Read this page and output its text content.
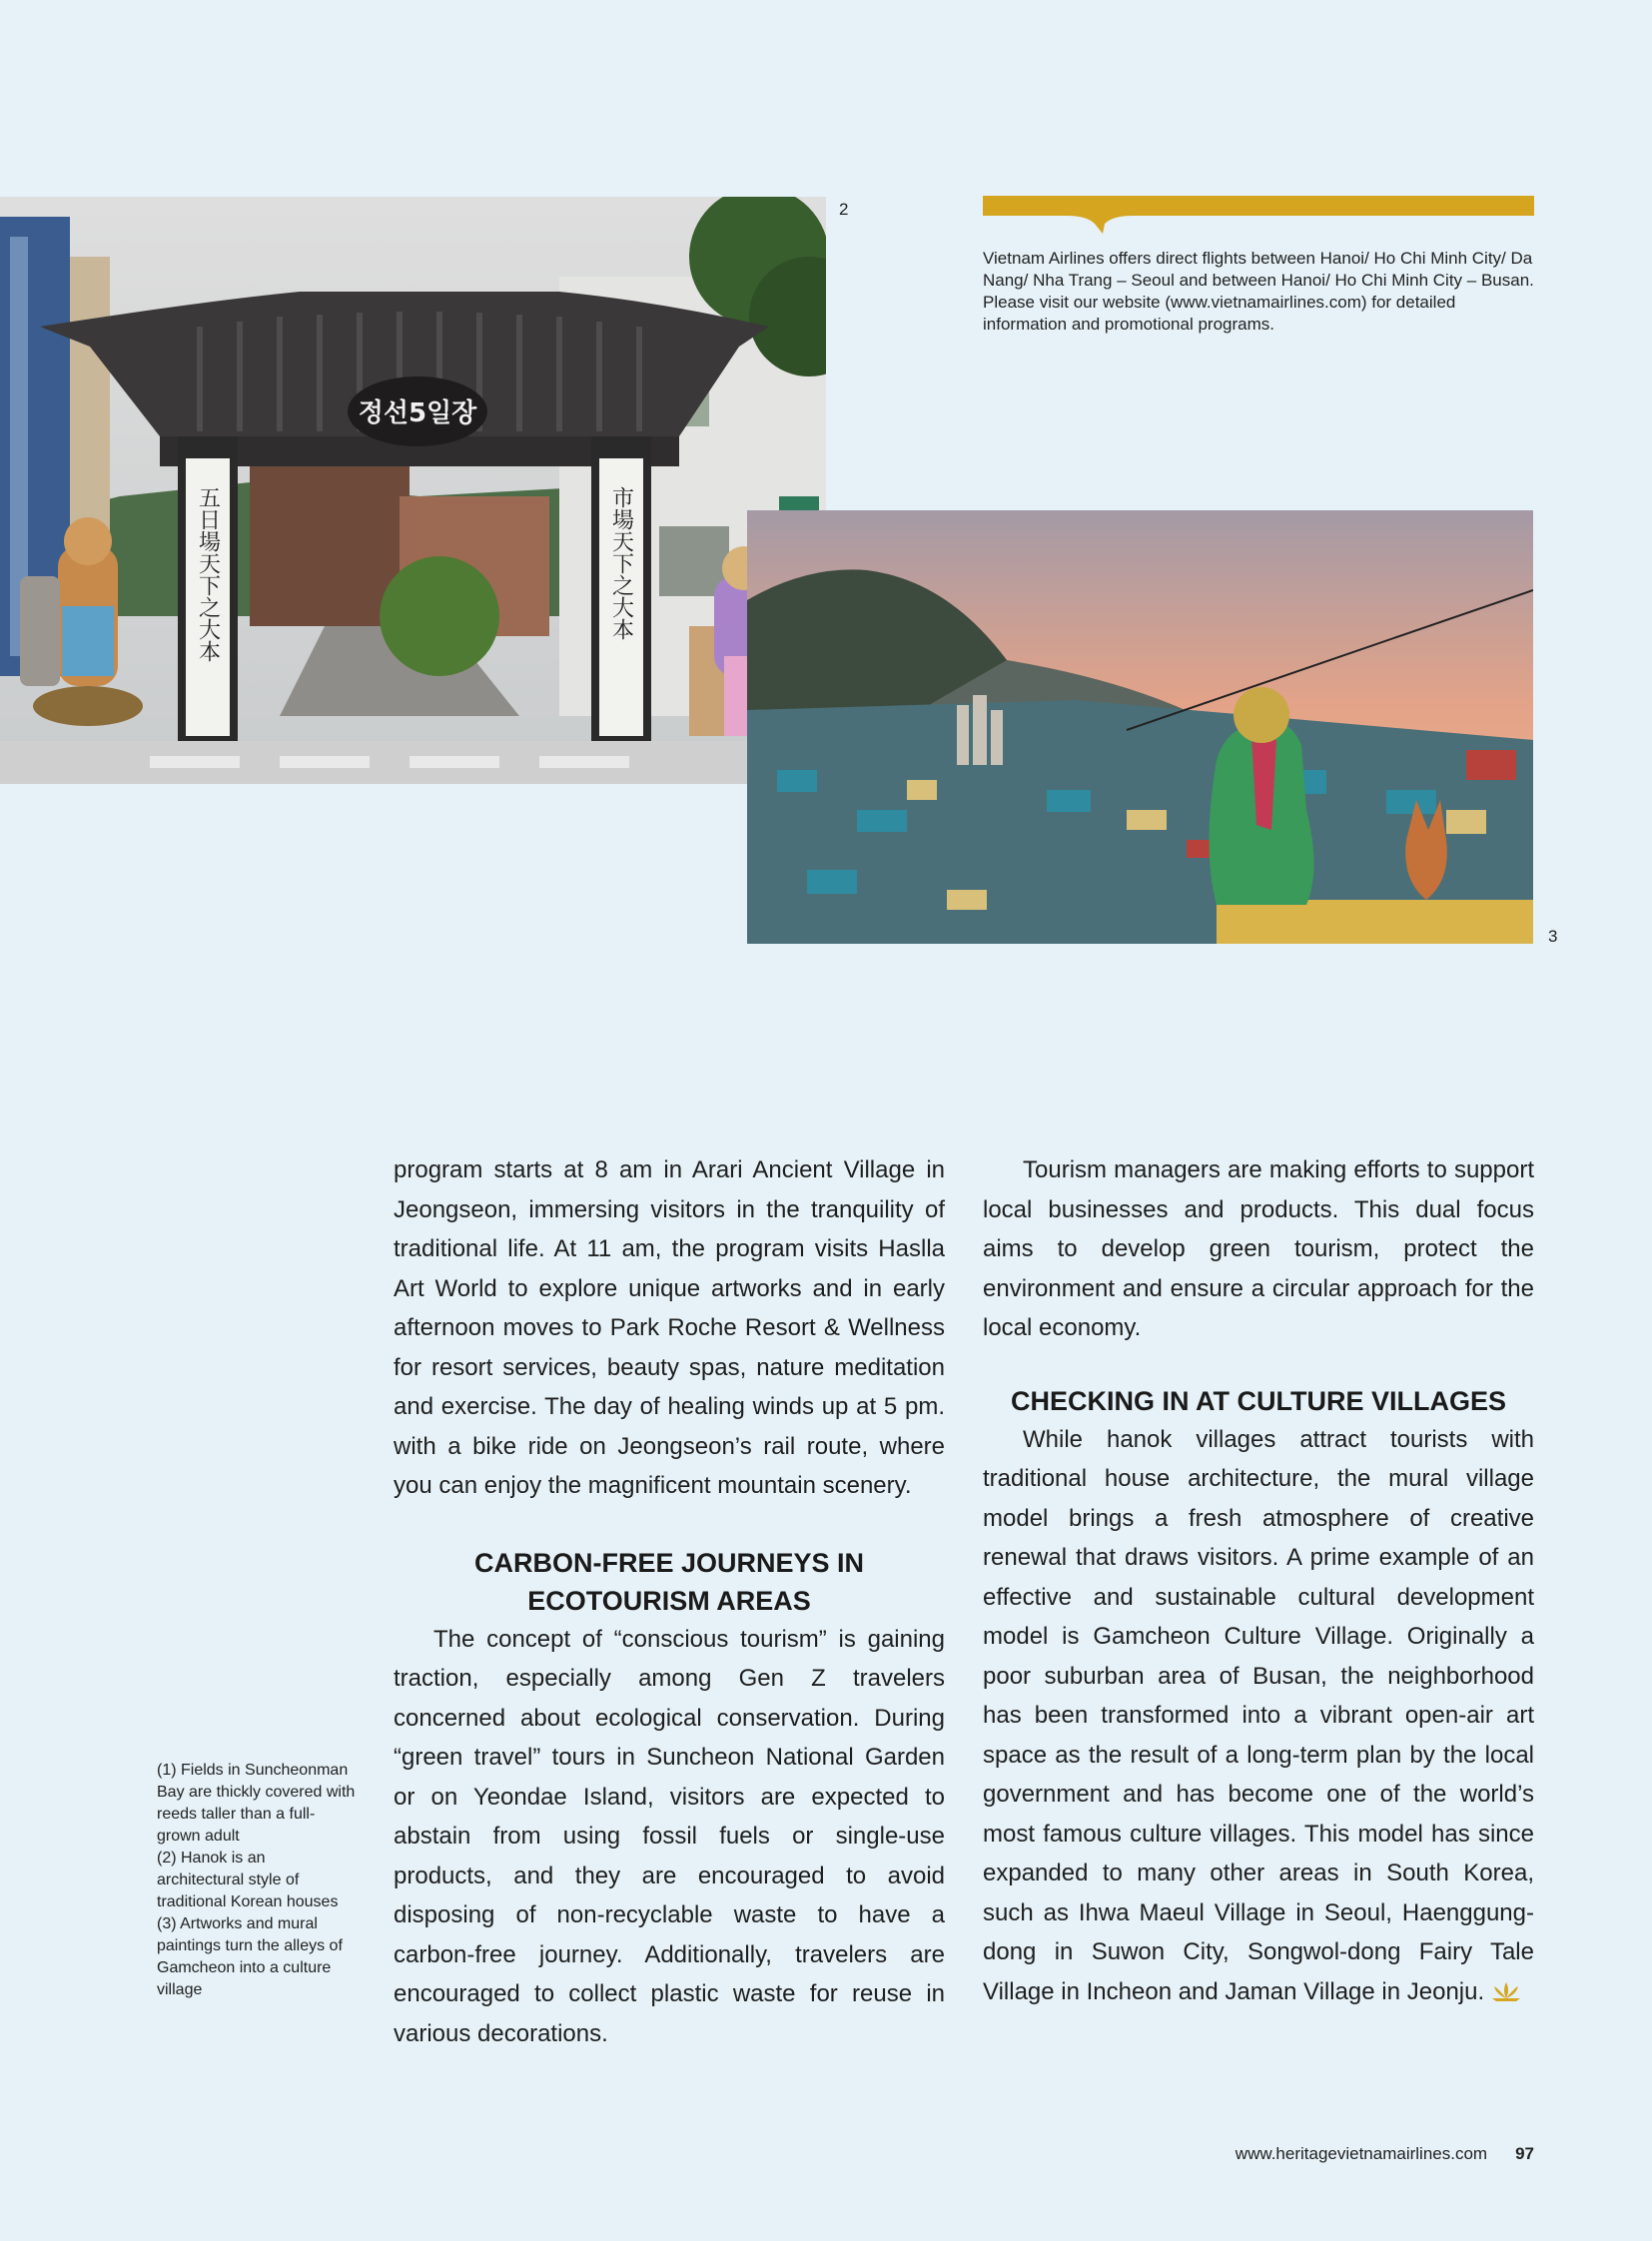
정선5일장
五日場天下之大本	市場天下之大本
2
3
Vietnam Airlines offers direct flights between Hanoi/ Ho Chi Minh City/ Da Nang/ Nha Trang – Seoul and between Hanoi/ Ho Chi Minh City – Busan. Please visit our website (www.vietnamairlines.com) for detailed information and promotional programs.

program starts at 8 am in Arari Ancient Village in Jeongseon, immersing visitors in the tranquility of traditional life. At 11 am, the program visits Haslla Art World to explore unique artworks and in early afternoon moves to Park Roche Resort & Wellness for resort services, beauty spas, nature meditation and exercise. The day of healing winds up at 5 pm. with a bike ride on Jeongseon’s rail route, where you can enjoy the magnificent mountain scenery.

CARBON-FREE JOURNEYS IN
ECOTOURISM AREAS

The concept of “conscious tourism” is gaining traction, especially among Gen Z travelers concerned about ecological conservation. During “green travel” tours in Suncheon National Garden or on Yeondae Island, visitors are expected to abstain from using fossil fuels or single-use products, and they are encouraged to avoid disposing of non-recyclable waste to have a carbon-free journey. Additionally, travelers are encouraged to collect plastic waste for reuse in various decorations.

Tourism managers are making efforts to support local businesses and products. This dual focus aims to develop green tourism, protect the environment and ensure a circular approach for the local economy.

CHECKING IN AT CULTURE VILLAGES

While hanok villages attract tourists with traditional house architecture, the mural village model brings a fresh atmosphere of creative renewal that draws visitors. A prime example of an effective and sustainable cultural development model is Gamcheon Culture Village. Originally a poor suburban area of Busan, the neighborhood has been transformed into a vibrant open-air art space as the result of a long-term plan by the local government and has become one of the world’s most famous culture villages. This model has since expanded to many other areas in South Korea, such as Ihwa Maeul Village in Seoul, Haenggung-dong in Suwon City, Songwol-dong Fairy Tale Village in Incheon and Jaman Village in Jeonju.

(1) Fields in Suncheonman Bay are thickly covered with reeds taller than a full-grown adult
(2) Hanok is an architectural style of traditional Korean houses
(3) Artworks and mural paintings turn the alleys of Gamcheon into a culture village
www.heritagevietnamairlines.com 97
